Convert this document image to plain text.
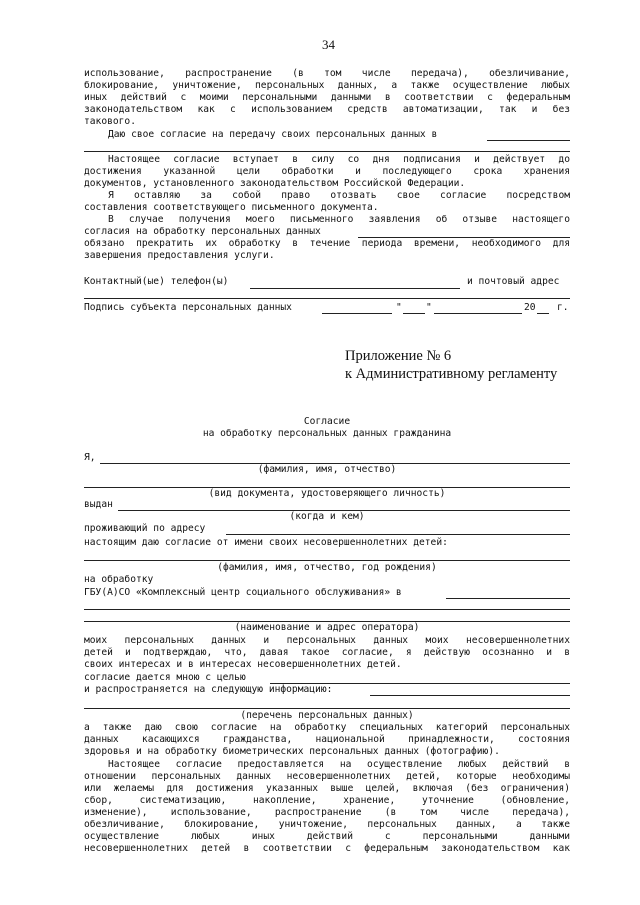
34
использование, распространение (в том числе передача), обезличивание,
блокирование, уничтожение, персональных данных, а также осуществление любых
иных действий с моими персональными данными в соответствии с федеральным
законодательством как с использованием средств автоматизации, так и без
такового.
Даю свое согласие на передачу своих персональных данных в
Настоящее согласие вступает в силу со дня подписания и действует до
достижения указанной цели обработки и последующего срока хранения
документов, установленного законодательством Российской Федерации.
Я оставляю за собой право отозвать свое согласие посредством
составления соответствующего письменного документа.
В случае получения моего письменного заявления об отзыве настоящего
согласия на обработку персональных данных
обязано прекратить их обработку в течение периода времени, необходимого для
завершения предоставления услуги.
Контактный(ые) телефон(ы)	и почтовый адрес
Подпись субъекта персональных данных	"	"	20 г.
Приложение № 6
к Административному регламенту
Согласие
на обработку персональных данных гражданина
Я,
(фамилия, имя, отчество)
(вид документа, удостоверяющего личность)
выдан
(когда и кем)
проживающий по адресу
настоящим даю согласие от имени своих несовершеннолетних детей:
(фамилия, имя, отчество, год рождения)
на обработку
ГБУ(А)СО «Комплексный центр социального обслуживания» в
(наименование и адрес оператора)
моих персональных данных и персональных данных моих несовершеннолетних
детей и подтверждаю, что, давая такое согласие, я действую осознанно и в
своих интересах и в интересах несовершеннолетних детей.
согласие дается мною с целью
и распространяется на следующую информацию:
(перечень персональных данных)
а также даю свою согласие на обработку специальных категорий персональных
данных касающихся гражданства, национальной принадлежности, состояния
здоровья и на обработку биометрических персональных данных (фотографию).
Настоящее согласие предоставляется на осуществление любых действий в
отношении персональных данных несовершеннолетних детей, которые необходимы
или желаемы для достижения указанных выше целей, включая (без ограничения)
сбор, систематизацию, накопление, хранение, уточнение (обновление,
изменение), использование, распространение (в том числе передача),
обезличивание, блокирование, уничтожение, персональных данных, а также
осуществление любых иных действий с персональными данными
несовершеннолетних детей в соответствии с федеральным законодательством как
